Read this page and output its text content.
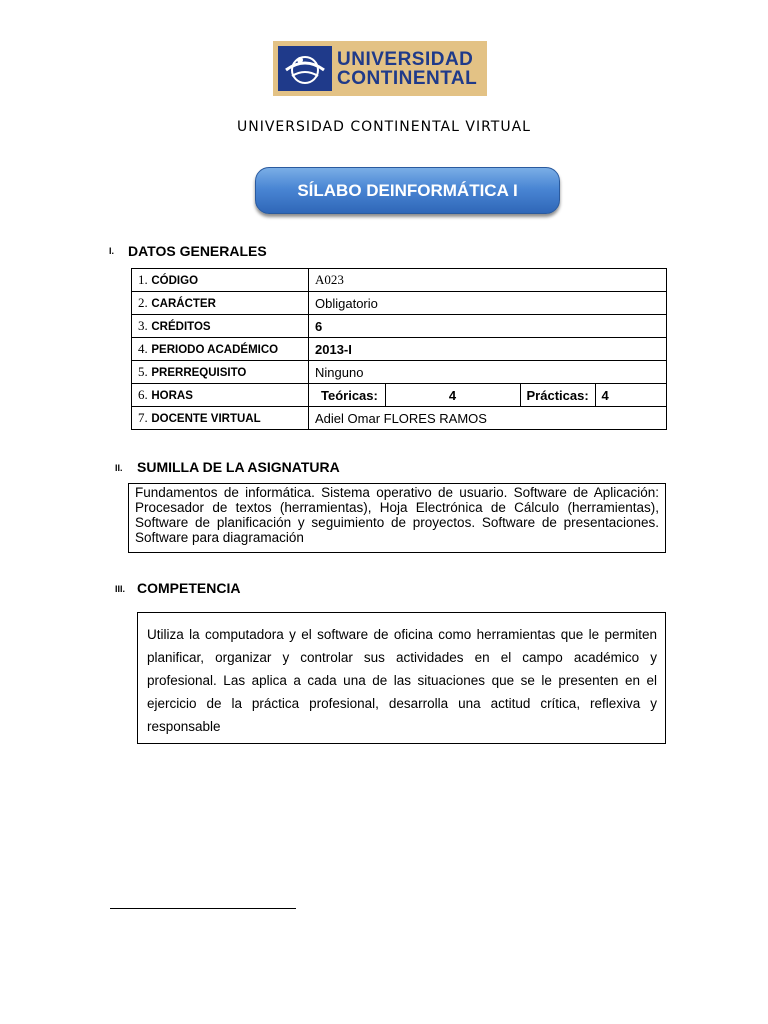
UNIVERSIDAD
CONTINENTAL
UNIVERSIDAD CONTINENTAL VIRTUAL
SÍLABO DEINFORMÁTICA I
I. DATOS GENERALES
1. CÓDIGO	A023
2. CARÁCTER	Obligatorio
3. CRÉDITOS	6
4. PERIODO ACADÉMICO	2013-I
5. PRERREQUISITO	Ninguno
6. HORAS		Teóricas:	4	Prácticas:	4

7. DOCENTE VIRTUAL	Adiel Omar FLORES RAMOS
II. SUMILLA DE LA ASIGNATURA
Fundamentos de informática. Sistema operativo de usuario. Software de Aplicación: Procesador de textos (herramientas), Hoja Electrónica de Cálculo (herramientas), Software de planificación y seguimiento de proyectos. Software de presentaciones. Software para diagramación
III. COMPETENCIA
Utiliza la computadora y el software de oficina como herramientas que le permiten planificar, organizar y controlar sus actividades en el campo académico y profesional. Las aplica a cada una de las situaciones que se le presenten en el ejercicio de la práctica profesional, desarrolla una actitud crítica, reflexiva y responsable
